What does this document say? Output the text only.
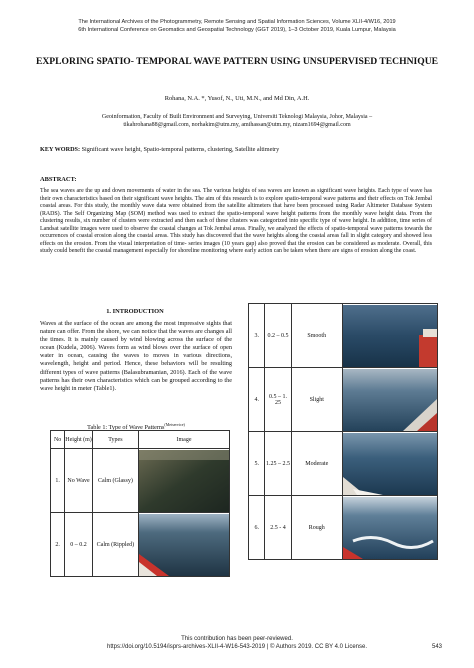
The International Archives of the Photogrammetry, Remote Sensing and Spatial Information Sciences, Volume XLII-4/W16, 2019
6th International Conference on Geomatics and Geospatial Technology (GGT 2019), 1–3 October 2019, Kuala Lumpur, Malaysia
EXPLORING SPATIO- TEMPORAL WAVE PATTERN USING UNSUPERVISED TECHNIQUE
Rohana, N.A. *, Yusof, N., Uti, M.N., and Md Din, A.H.
Geoinformation, Faculty of Built Environment and Surveying, Universiti Teknologi Malaysia, Johor, Malaysia –
tikahrohana88@gmail.com, norhakim@utm.my, amihassan@utm.my, nizam1694@gmail.com
KEY WORDS: Significant wave height, Spatio-temporal patterns, clustering, Satellite altimetry
ABSTRACT:
The sea waves are the up and down movements of water in the sea. The various heights of sea waves are known as significant wave heights. Each type of wave has their own characteristics based on their significant wave heights. The aim of this research is to explore spatio-temporal wave patterns and their effects on Tok Jembal coastal areas. For this study, the monthly wave data were obtained from the satellite altimeters that have been processed using Radar Altimeter Database System (RADS). The Self Organizing Map (SOM) method was used to extract the spatio-temporal wave height patterns from the monthly wave height data. From the clustering results, six number of clusters were extracted and then each of these clusters was categorized into specific type of wave height. In addition, time series of Landsat satellite images were used to observe the coastal changes at Tok Jembal areas. Finally, we analyzed the effects of spatio-temporal wave patterns towards the occurrences of coastal erosion along the coastal areas. This study has discovered that the wave heights along the coastal areas fall in slight category and showed less effects on the erosion. From the visual interpretation of time- series images (10 years gap) also proved that the erosion can be considered as moderate. Overall, this study could benefit the coastal management especially for shoreline monitoring where early action can be taken when there are signs of erosion along the coast.
1. INTRODUCTION
Waves at the surface of the ocean are among the most impressive sights that nature can offer. From the shore, we can notice that the waves are changes all the times. It is mainly caused by wind blowing across the surface of the ocean (Kudela, 2006). Waves form as wind blows over the surface of open water in ocean, causing the waves to moves in various directions, wavelength, height and period. Hence, these behaviors will be resulting different types of wave patterns (Balasubramanian, 2016). Each of the wave patterns has their own characteristics which can be grouped according to the wave height in meter (Table1).
Table 1: Type of Wave Patterns$^{(Metservice)}$
No	Height (m)	Types	Image
1.	No Wave	Calm (Glassy)	

2.	0 – 0.2	Calm (Rippled)	
3.	0.2 – 0.5	Smooth	

4.	0.5 – 1. 25	Slight	

5.	1.25 – 2.5	Moderate	

6.	2.5 - 4	Rough	
This contribution has been peer-reviewed.
https://doi.org/10.5194/isprs-archives-XLII-4-W16-543-2019 | © Authors 2019. CC BY 4.0 License.	543
